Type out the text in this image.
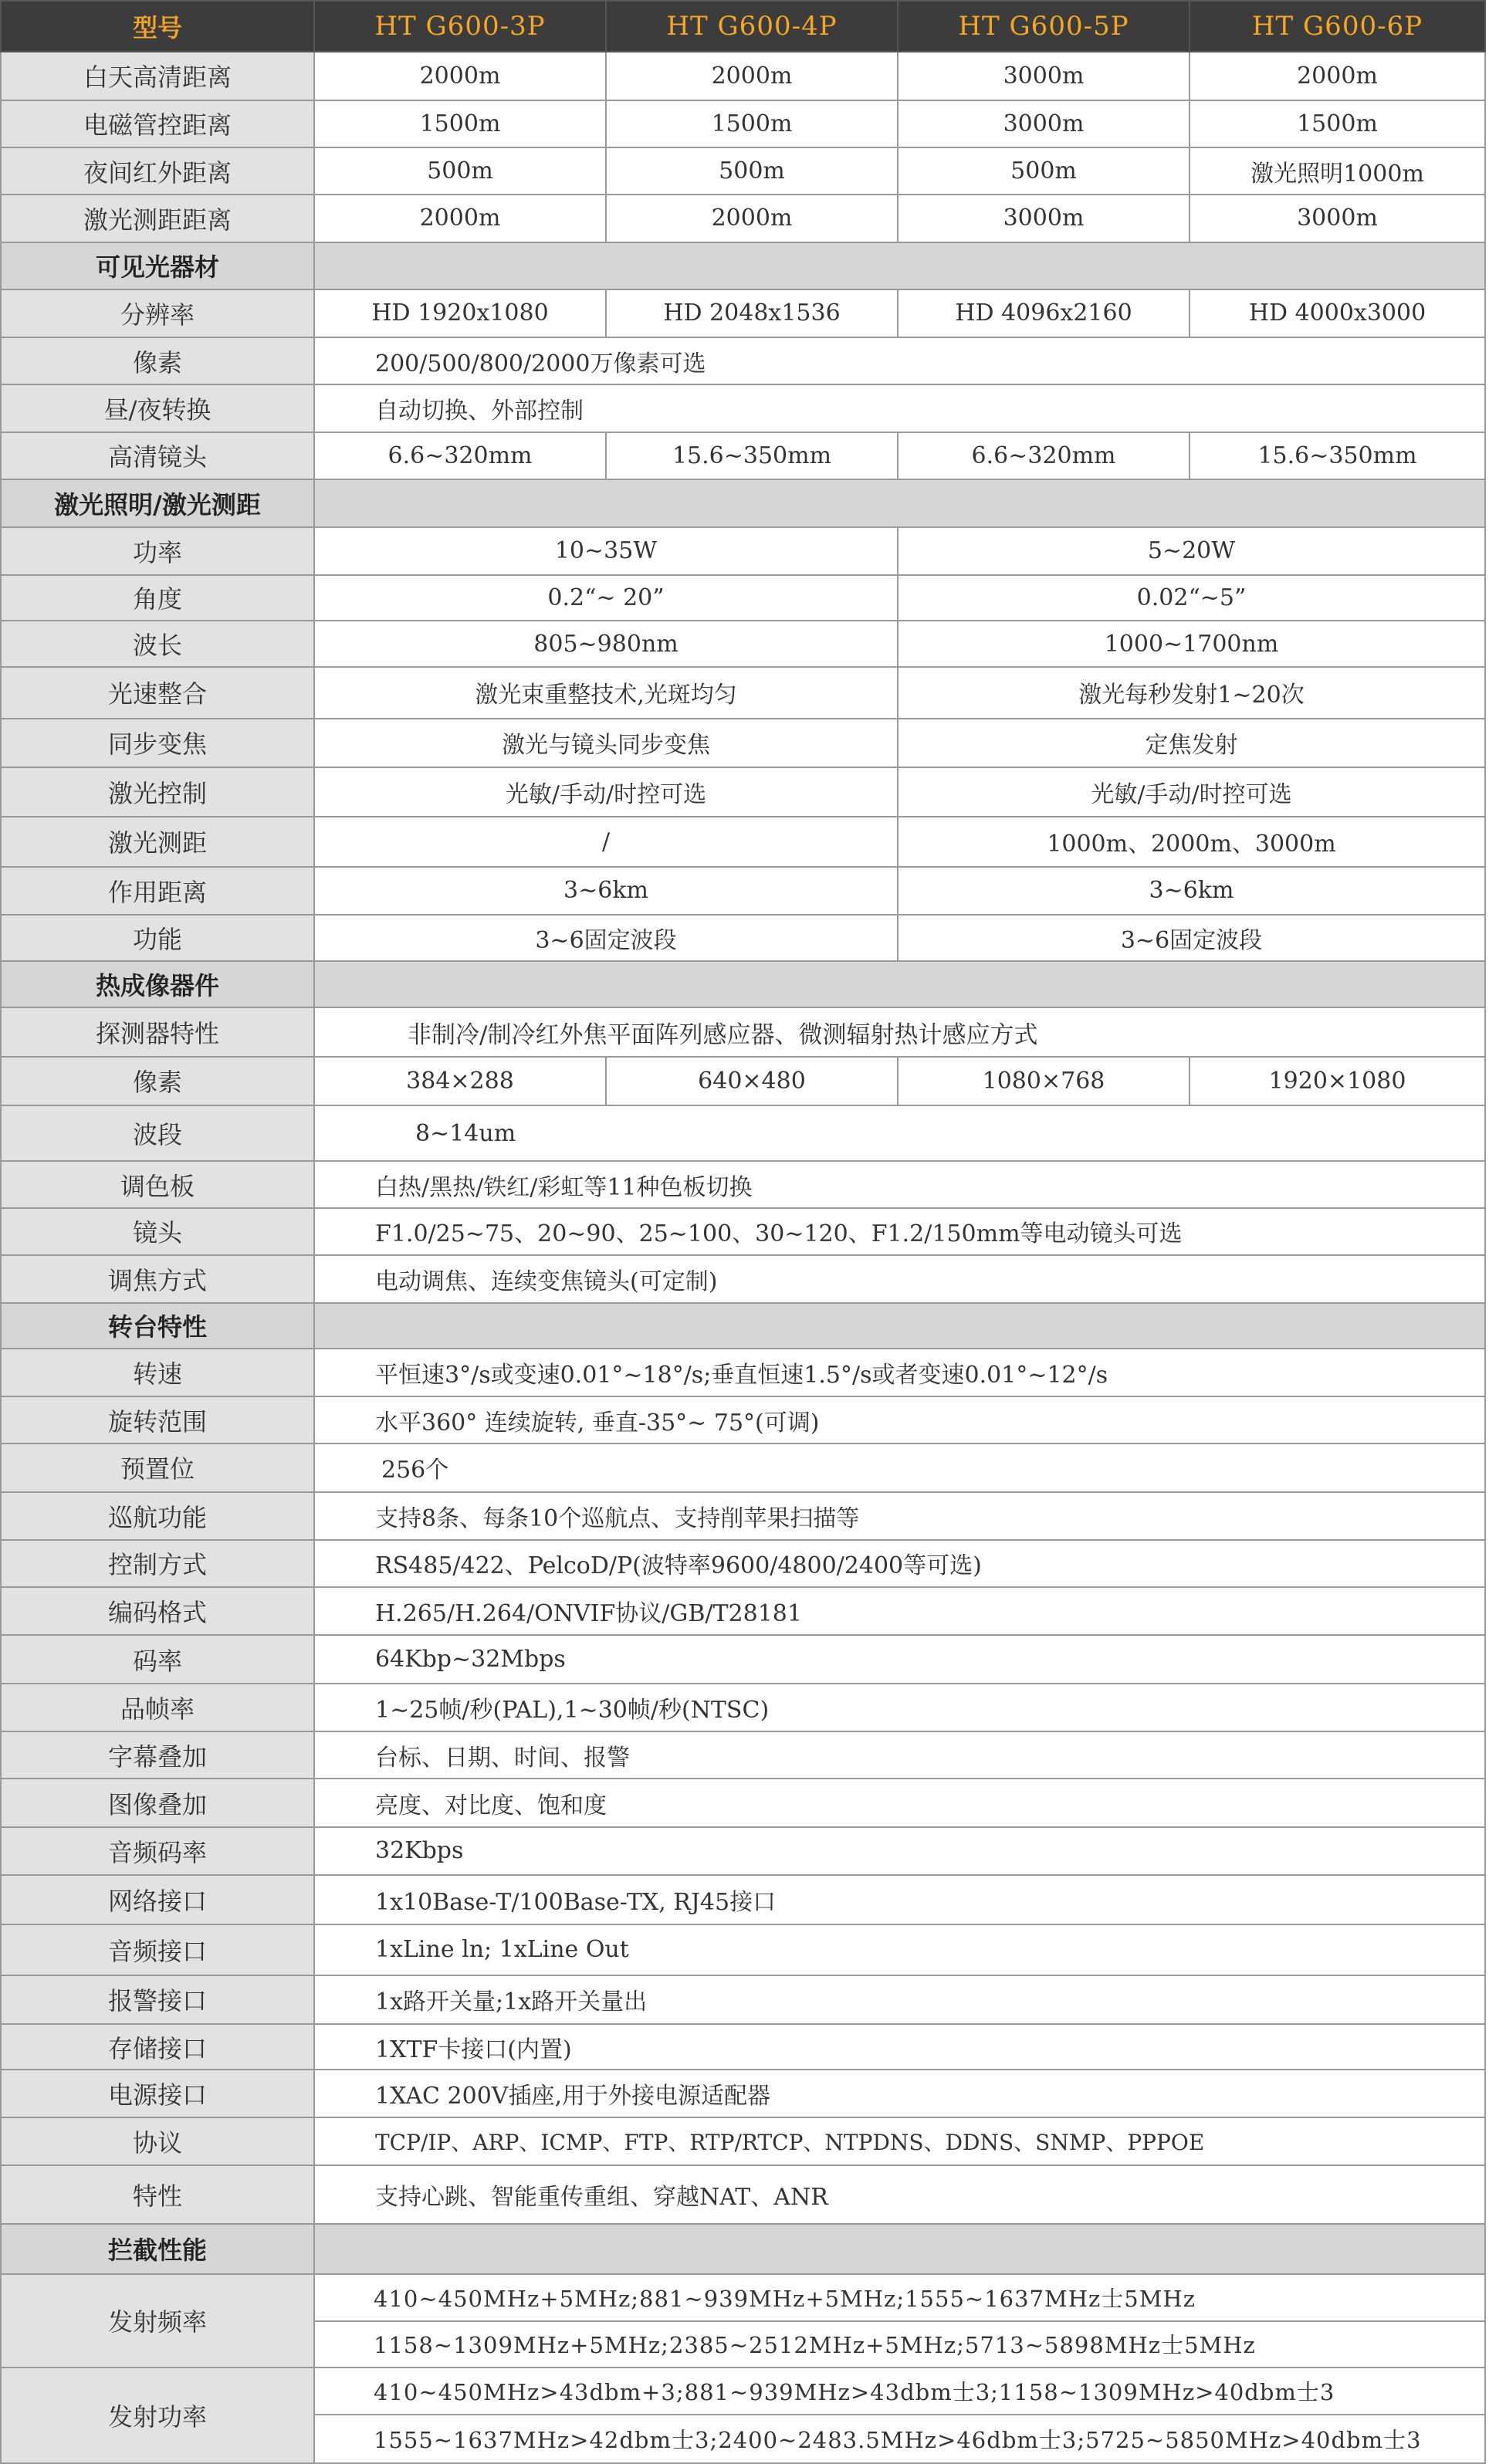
型号	HT G600-3P	HT G600-4P	HT G600-5P	HT G600-6P
白天高清距离	2000m	2000m	3000m	2000m
电磁管控距离	1500m	1500m	3000m	1500m
夜间红外距离	500m	500m	500m	激光照明1000m
激光测距距离	2000m	2000m	3000m	3000m
可见光器材				
分辨率	HD 1920x1080	HD 2048x1536	HD 4096x2160	HD 4000x3000
像素	200/500/800/2000万像素可选			
昼/夜转换	自动切换、外部控制			
高清镜头	6.6~320mm	15.6~350mm	6.6~320mm	15.6~350mm
激光照明/激光测距				
功率	10~35W		5~20W	
角度	0.2“~ 20”		0.02“~5”	
波长	805~980nm		1000~1700nm	
光速整合	激光束重整技术,光斑均匀		激光每秒发射1~20次	
同步变焦	激光与镜头同步变焦		定焦发射	
激光控制	光敏/手动/时控可选		光敏/手动/时控可选	
激光测距	/		1000m、2000m、3000m	
作用距离	3~6km		3~6km	
功能	3~6固定波段		3~6固定波段	
热成像器件				
探测器特性	非制冷/制冷红外焦平面阵列感应器、微测辐射热计感应方式			
像素	384×288	640×480	1080×768	1920×1080
波段	8~14um			
调色板	白热/黑热/铁红/彩虹等11种色板切换			
镜头	F1.0/25~75、20~90、25~100、30~120、F1.2/150mm等电动镜头可选			
调焦方式	电动调焦、连续变焦镜头(可定制)			
转台特性				
转速	平恒速3°/s或变速0.01°~18°/s;垂直恒速1.5°/s或者变速0.01°~12°/s			
旋转范围	水平360° 连续旋转, 垂直-35°~ 75°(可调)			
预置位	256个			
巡航功能	支持8条、每条10个巡航点、支持削苹果扫描等			
控制方式	RS485/422、PelcoD/P(波特率9600/4800/2400等可选)			
编码格式	H.265/H.264/ONVIF协议/GB/T28181			
码率	64Kbp~32Mbps			
品帧率	1~25帧/秒(PAL),1~30帧/秒(NTSC)			
字幕叠加	台标、日期、时间、报警			
图像叠加	亮度、对比度、饱和度			
音频码率	32Kbps			
网络接口	1x10Base-T/100Base-TX, RJ45接口			
音频接口	1xLine ln; 1xLine Out			
报警接口	1x路开关量;1x路开关量出			
存储接口	1XTF卡接口(内置)			
电源接口	1XAC 200V插座,用于外接电源适配器			
协议	TCP/IP、ARP、ICMP、FTP、RTP/RTCP、NTPDNS、DDNS、SNMP、PPPOE			
特性	支持心跳、智能重传重组、穿越NAT、ANR			
拦截性能				
发射频率	410~450MHz+5MHz;881~939MHz+5MHz;1555~1637MHz士5MHz			
	1158~1309MHz+5MHz;2385~2512MHz+5MHz;5713~5898MHz士5MHz			
发射功率	410~450MHz>43dbm+3;881~939MHz>43dbm士3;1158~1309MHz>40dbm士3			
	1555~1637MHz>42dbm士3;2400~2483.5MHz>46dbm士3;5725~5850MHz>40dbm士3			
